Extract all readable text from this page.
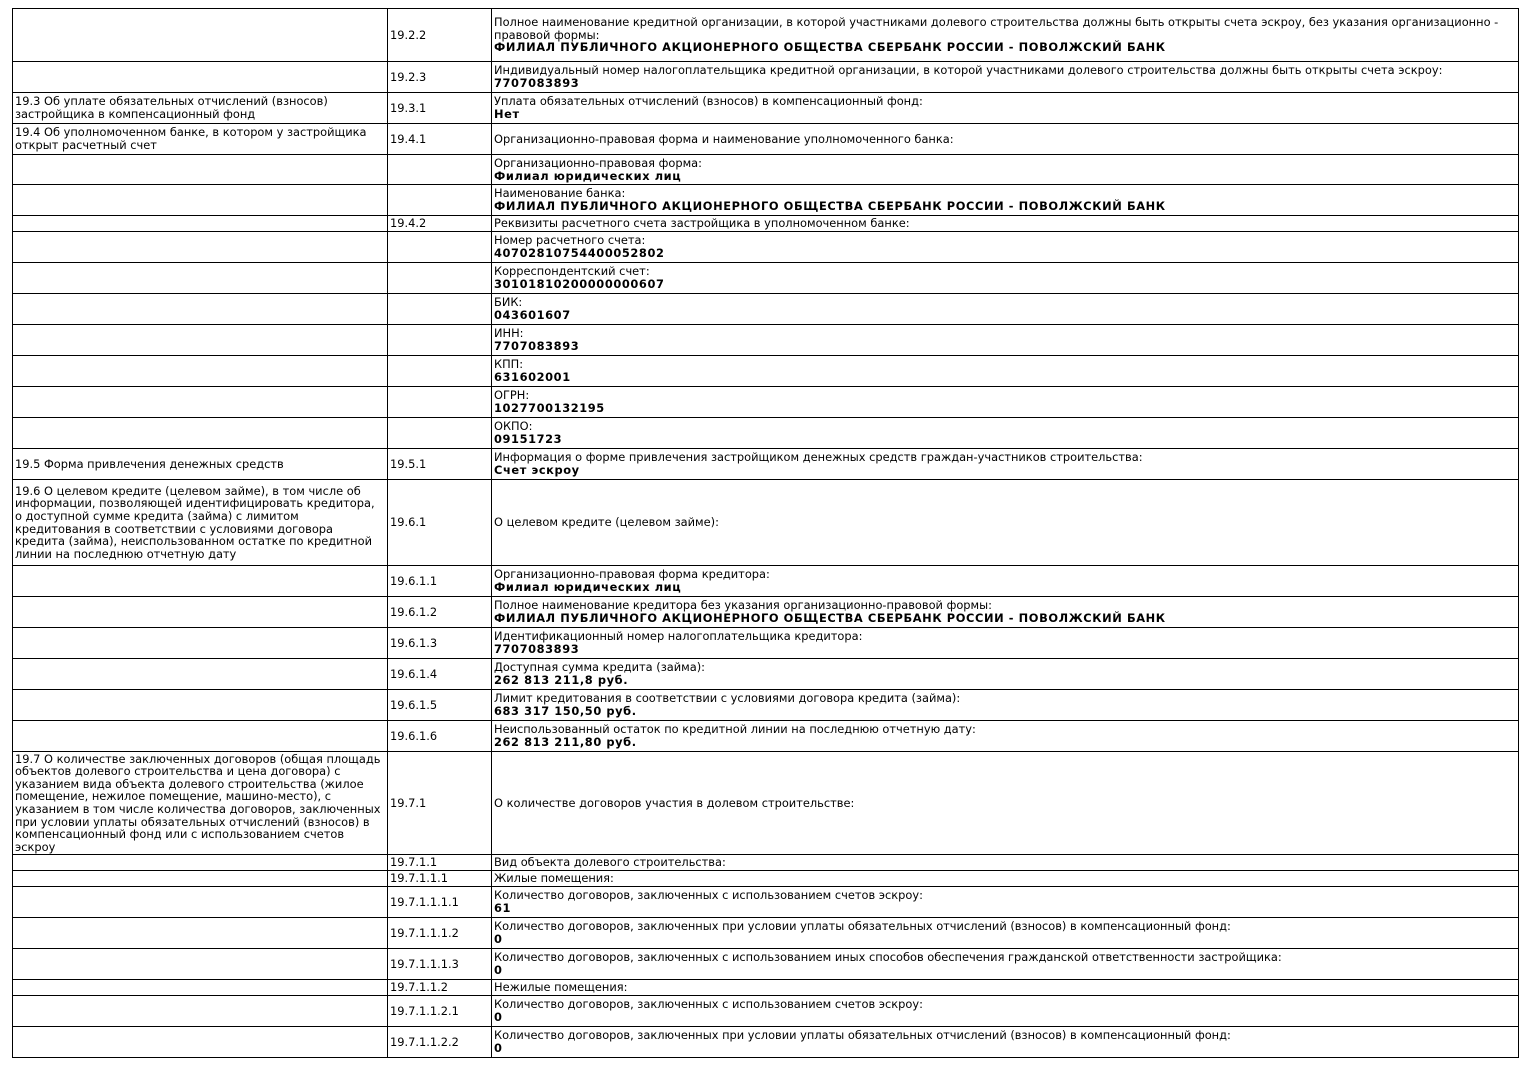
	19.2.2	Полное наименование кредитной организации, в которой участниками долевого строительства должны быть открыты счета эскроу, без указания организационно - правовой формы:
ФИЛИАЛ ПУБЛИЧНОГО АКЦИОНЕРНОГО ОБЩЕСТВА СБЕРБАНК РОССИИ - ПОВОЛЖСКИЙ БАНК

	19.2.3	Индивидуальный номер налогоплательщика кредитной организации, в которой участниками долевого строительства должны быть открыты счета эскроу:
7707083893

19.3 Об уплате обязательных отчислений (взносов) застройщика в компенсационный фонд	19.3.1	Уплата обязательных отчислений (взносов) в компенсационный фонд:
Нет

19.4 Об уполномоченном банке, в котором у застройщика открыт расчетный счет	19.4.1	Организационно-правовая форма и наименование уполномоченного банка:

		Организационно-правовая форма:
Филиал юридических лиц

		Наименование банка:
ФИЛИАЛ ПУБЛИЧНОГО АКЦИОНЕРНОГО ОБЩЕСТВА СБЕРБАНК РОССИИ - ПОВОЛЖСКИЙ БАНК

	19.4.2	Реквизиты расчетного счета застройщика в уполномоченном банке:

		Номер расчетного счета:
40702810754400052802

		Корреспондентский счет:
30101810200000000607

		БИК:
043601607

		ИНН:
7707083893

		КПП:
631602001

		ОГРН:
1027700132195

		ОКПО:
09151723

19.5 Форма привлечения денежных средств	19.5.1	Информация о форме привлечения застройщиком денежных средств граждан-участников строительства:
Счет эскроу

19.6 О целевом кредите (целевом займе), в том числе об информации, позволяющей идентифицировать кредитора, о доступной сумме кредита (займа) с лимитом кредитования в соответствии с условиями договора кредита (займа), неиспользованном остатке по кредитной линии на последнюю отчетную дату	19.6.1	О целевом кредите (целевом займе):

	19.6.1.1	Организационно-правовая форма кредитора:
Филиал юридических лиц

	19.6.1.2	Полное наименование кредитора без указания организационно-правовой формы:
ФИЛИАЛ ПУБЛИЧНОГО АКЦИОНЕРНОГО ОБЩЕСТВА СБЕРБАНК РОССИИ - ПОВОЛЖСКИЙ БАНК

	19.6.1.3	Идентификационный номер налогоплательщика кредитора:
7707083893

	19.6.1.4	Доступная сумма кредита (займа):
262 813 211,8 руб.

	19.6.1.5	Лимит кредитования в соответствии с условиями договора кредита (займа):
683 317 150,50 руб.

	19.6.1.6	Неиспользованный остаток по кредитной линии на последнюю отчетную дату:
262 813 211,80 руб.

19.7 О количестве заключенных договоров (общая площадь объектов долевого строительства и цена договора) с указанием вида объекта долевого строительства (жилое помещение, нежилое помещение, машино-место), с указанием в том числе количества договоров, заключенных при условии уплаты обязательных отчислений (взносов) в компенсационный фонд или с использованием счетов эскроу	19.7.1	О количестве договоров участия в долевом строительстве:

	19.7.1.1	Вид объекта долевого строительства:

	19.7.1.1.1	Жилые помещения:

	19.7.1.1.1.1	Количество договоров, заключенных с использованием счетов эскроу:
61

	19.7.1.1.1.2	Количество договоров, заключенных при условии уплаты обязательных отчислений (взносов) в компенсационный фонд:
0

	19.7.1.1.1.3	Количество договоров, заключенных с использованием иных способов обеспечения гражданской ответственности застройщика:
0

	19.7.1.1.2	Нежилые помещения:

	19.7.1.1.2.1	Количество договоров, заключенных с использованием счетов эскроу:
0

	19.7.1.1.2.2	Количество договоров, заключенных при условии уплаты обязательных отчислений (взносов) в компенсационный фонд:
0
